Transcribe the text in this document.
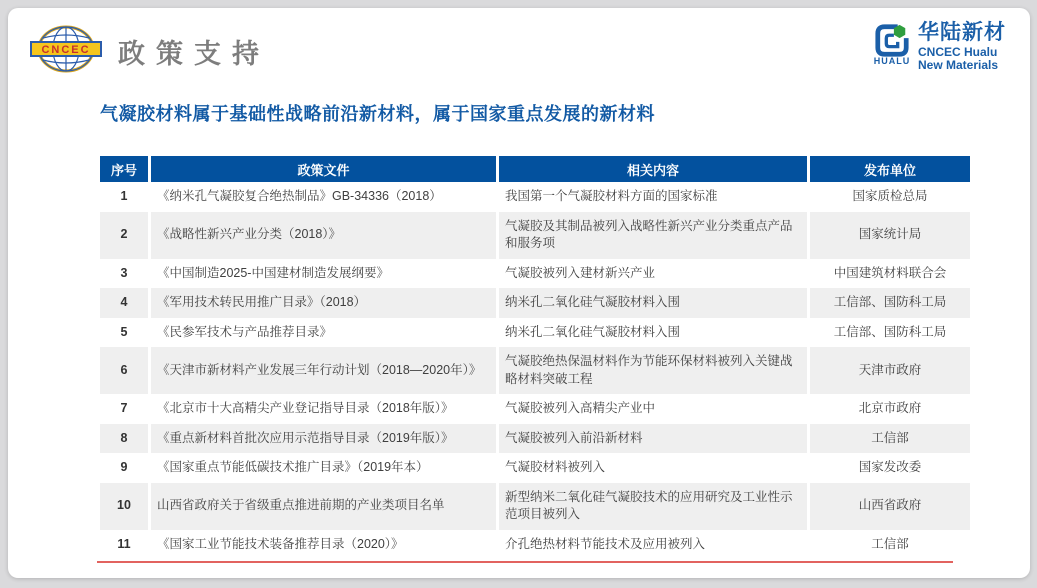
CNCEC 政策支持	HUALU
华陆新材
CNCEC Hualu
New Materials
气凝胶材料属于基础性战略前沿新材料，属于国家重点发展的新材料
序号	政策文件	相关内容	发布单位
1	《纳米孔气凝胶复合绝热制品》GB-34336（2018）	我国第一个气凝胶材料方面的国家标准	国家质检总局
2	《战略性新兴产业分类（2018）》	气凝胶及其制品被列入战略性新兴产业分类重点产品和服务项	国家统计局
3	《中国制造2025-中国建材制造发展纲要》	气凝胶被列入建材新兴产业	中国建筑材料联合会
4	《军用技术转民用推广目录》（2018）	纳米孔二氧化硅气凝胶材料入围	工信部、国防科工局
5	《民参军技术与产品推荐目录》	纳米孔二氧化硅气凝胶材料入围	工信部、国防科工局
6	《天津市新材料产业发展三年行动计划（2018—2020年）》	气凝胶绝热保温材料作为节能环保材料被列入关键战略材料突破工程	天津市政府
7	《北京市十大高精尖产业登记指导目录（2018年版）》	气凝胶被列入高精尖产业中	北京市政府
8	《重点新材料首批次应用示范指导目录（2019年版）》	气凝胶被列入前沿新材料	工信部
9	《国家重点节能低碳技术推广目录》（2019年本）	气凝胶材料被列入	国家发改委
10	山西省政府关于省级重点推进前期的产业类项目名单	新型纳米二氧化硅气凝胶技术的应用研究及工业性示范项目被列入	山西省政府
11	《国家工业节能技术装备推荐目录（2020）》	介孔绝热材料节能技术及应用被列入	工信部
